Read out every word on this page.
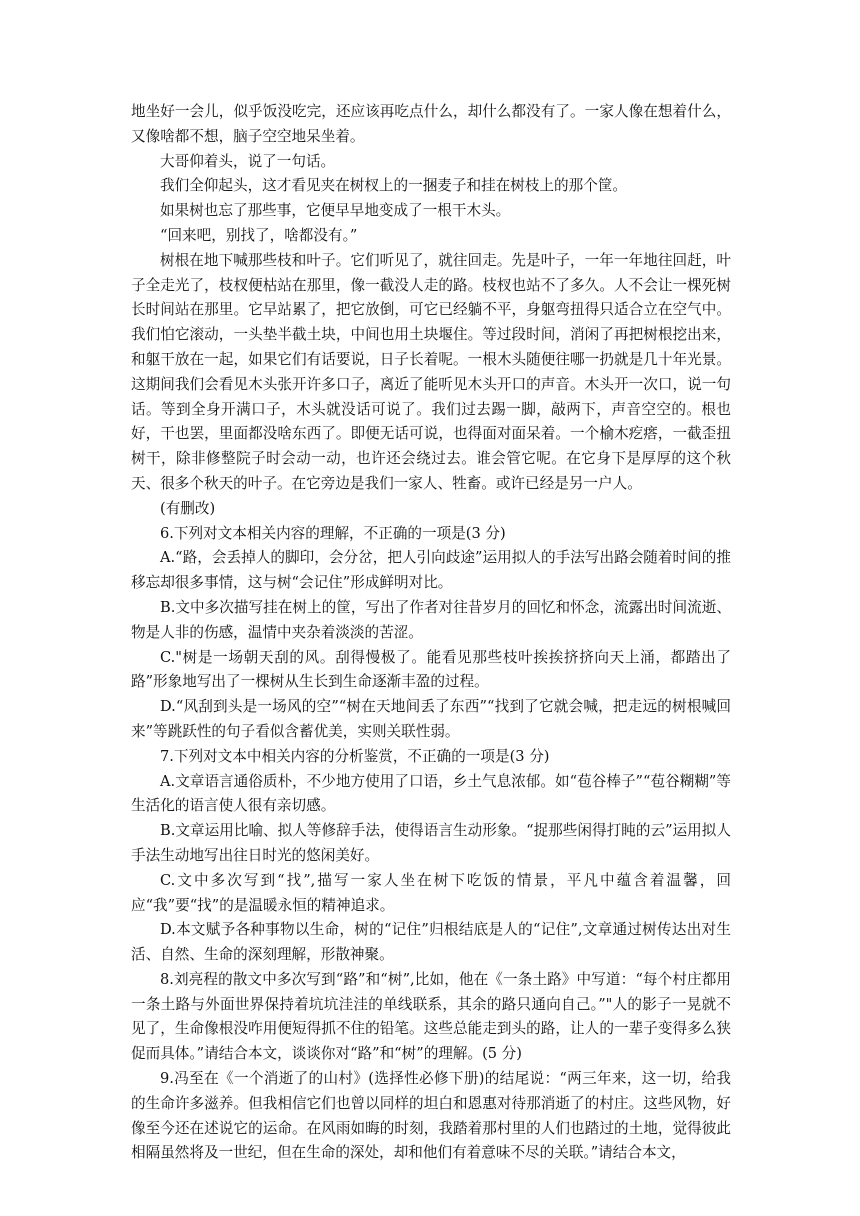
地坐好一会儿，似乎饭没吃完，还应该再吃点什么，却什么都没有了。一家人像在想着什么，又像啥都不想，脑子空空地呆坐着。

大哥仰着头，说了一句话。

我们全仰起头，这才看见夹在树杈上的一捆麦子和挂在树枝上的那个筐。

如果树也忘了那些事，它便早早地变成了一根干木头。

“回来吧，别找了，啥都没有。”

树根在地下喊那些枝和叶子。它们听见了，就往回走。先是叶子，一年一年地往回赶，叶子全走光了，枝杈便枯站在那里，像一截没人走的路。枝杈也站不了多久。人不会让一棵死树长时间站在那里。它早站累了，把它放倒，可它已经躺不平，身躯弯扭得只适合立在空气中。我们怕它滚动，一头垫半截土块，中间也用土块堰住。等过段时间，消闲了再把树根挖出来，和躯干放在一起，如果它们有话要说，日子长着呢。一根木头随便往哪一扔就是几十年光景。这期间我们会看见木头张开许多口子，离近了能听见木头开口的声音。木头开一次口，说一句话。等到全身开满口子，木头就没话可说了。我们过去踢一脚，敲两下，声音空空的。根也好，干也罢，里面都没啥东西了。即便无话可说，也得面对面呆着。一个榆木疙瘩，一截歪扭树干，除非修整院子时会动一动，也许还会绕过去。谁会管它呢。在它身下是厚厚的这个秋天、很多个秋天的叶子。在它旁边是我们一家人、牲畜。或许已经是另一户人。

(有删改)

6.下列对文本相关内容的理解，不正确的一项是(3 分)

A.“路，会丢掉人的脚印，会分岔，把人引向歧途”运用拟人的手法写出路会随着时间的推移忘却很多事情，这与树“会记住”形成鲜明对比。

B.文中多次描写挂在树上的筐，写出了作者对往昔岁月的回忆和怀念，流露出时间流逝、物是人非的伤感，温情中夹杂着淡淡的苦涩。

C."树是一场朝天刮的风。刮得慢极了。能看见那些枝叶挨挨挤挤向天上涌，都踏出了路”形象地写出了一棵树从生长到生命逐渐丰盈的过程。

D.“风刮到头是一场风的空”“树在天地间丢了东西”“找到了它就会喊，把走远的树根喊回来”等跳跃性的句子看似含蓄优美，实则关联性弱。

7.下列对文本中相关内容的分析鉴赏，不正确的一项是(3 分)

A.文章语言通俗质朴，不少地方使用了口语，乡土气息浓郁。如“苞谷棒子”“苞谷糊糊”等生活化的语言使人很有亲切感。

B.文章运用比喻、拟人等修辞手法，使得语言生动形象。“捉那些闲得打盹的云”运用拟人手法生动地写出往日时光的悠闲美好。

C.文中多次写到“找”,描写一家人坐在树下吃饭的情景，平凡中蕴含着温馨，回应“我”要“找”的是温暖永恒的精神追求。

D.本文赋予各种事物以生命，树的“记住”归根结底是人的“记住”,文章通过树传达出对生活、自然、生命的深刻理解，形散神聚。

8.刘亮程的散文中多次写到“路”和“树”,比如，他在《一条土路》中写道：“每个村庄都用一条土路与外面世界保持着坑坑洼洼的单线联系，其余的路只通向自己。”"人的影子一晃就不见了，生命像根没咋用便短得抓不住的铅笔。这些总能走到头的路，让人的一辈子变得多么狭促而具体。”请结合本文，谈谈你对“路”和“树”的理解。(5 分)

9.冯至在《一个消逝了的山村》(选择性必修下册)的结尾说：“两三年来，这一切，给我的生命许多滋养。但我相信它们也曾以同样的坦白和恩惠对待那消逝了的村庄。这些风物，好像至今还在述说它的运命。在风雨如晦的时刻，我踏着那村里的人们也踏过的土地，觉得彼此相隔虽然将及一世纪，但在生命的深处，却和他们有着意味不尽的关联。”请结合本文，
